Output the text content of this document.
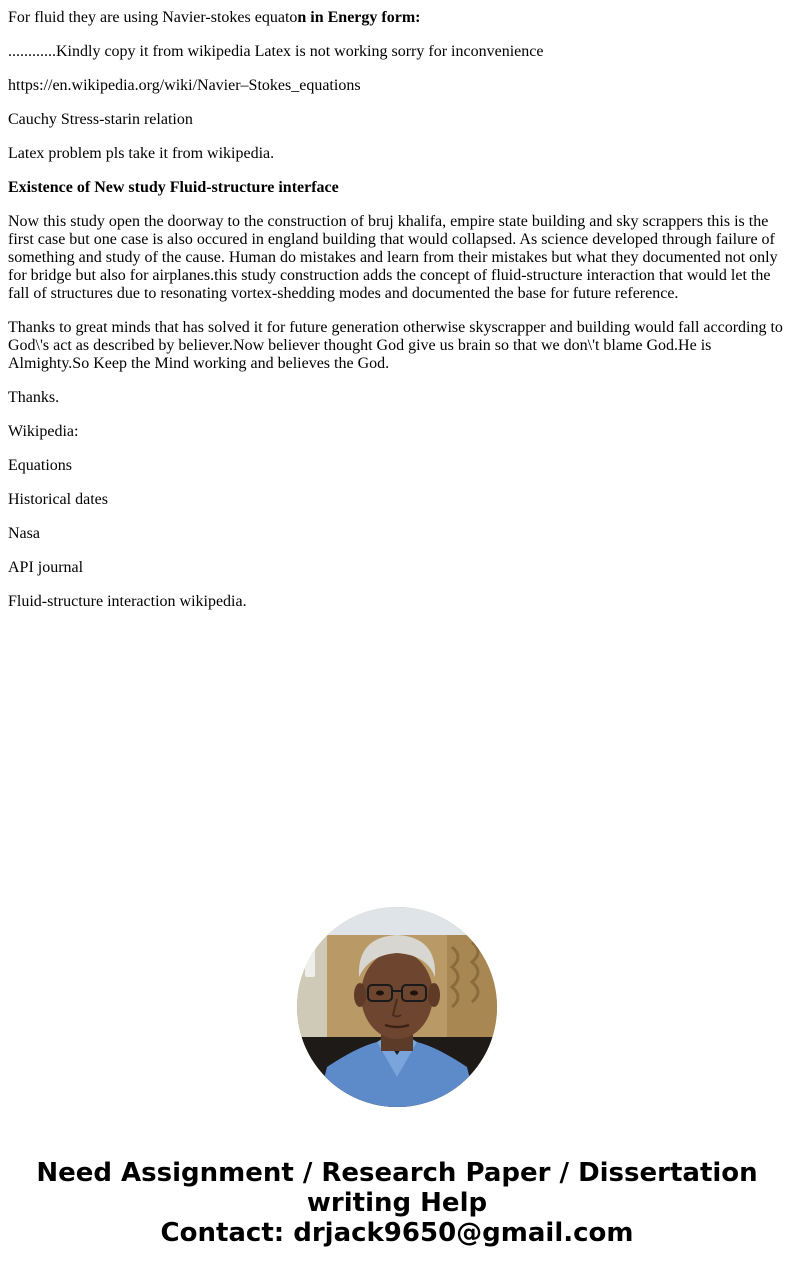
For fluid they are using Navier-stokes equaton in Energy form:

............Kindly copy it from wikipedia Latex is not working sorry for inconvenience

https://en.wikipedia.org/wiki/Navier–Stokes_equations

Cauchy Stress-starin relation

Latex problem pls take it from wikipedia.

Existence of New study Fluid-structure interface

Now this study open the doorway to the construction of bruj khalifa, empire state building and sky scrappers this is the first case but one case is also occured in england building that would collapsed. As science developed through failure of something and study of the cause. Human do mistakes and learn from their mistakes but what they documented not only for bridge but also for airplanes.this study construction adds the concept of fluid-structure interaction that would let the fall of structures due to resonating vortex-shedding modes and documented the base for future reference.

Thanks to great minds that has solved it for future generation otherwise skyscrapper and building would fall according to God\'s act as described by believer.Now believer thought God give us brain so that we don\'t blame God.He is Almighty.So Keep the Mind working and believes the God.

Thanks.

Wikipedia:

Equations

Historical dates

Nasa

API journal

Fluid-structure interaction wikipedia.

Need Assignment / Research Paper / Dissertation
writing Help
Contact: drjack9650@gmail.com
